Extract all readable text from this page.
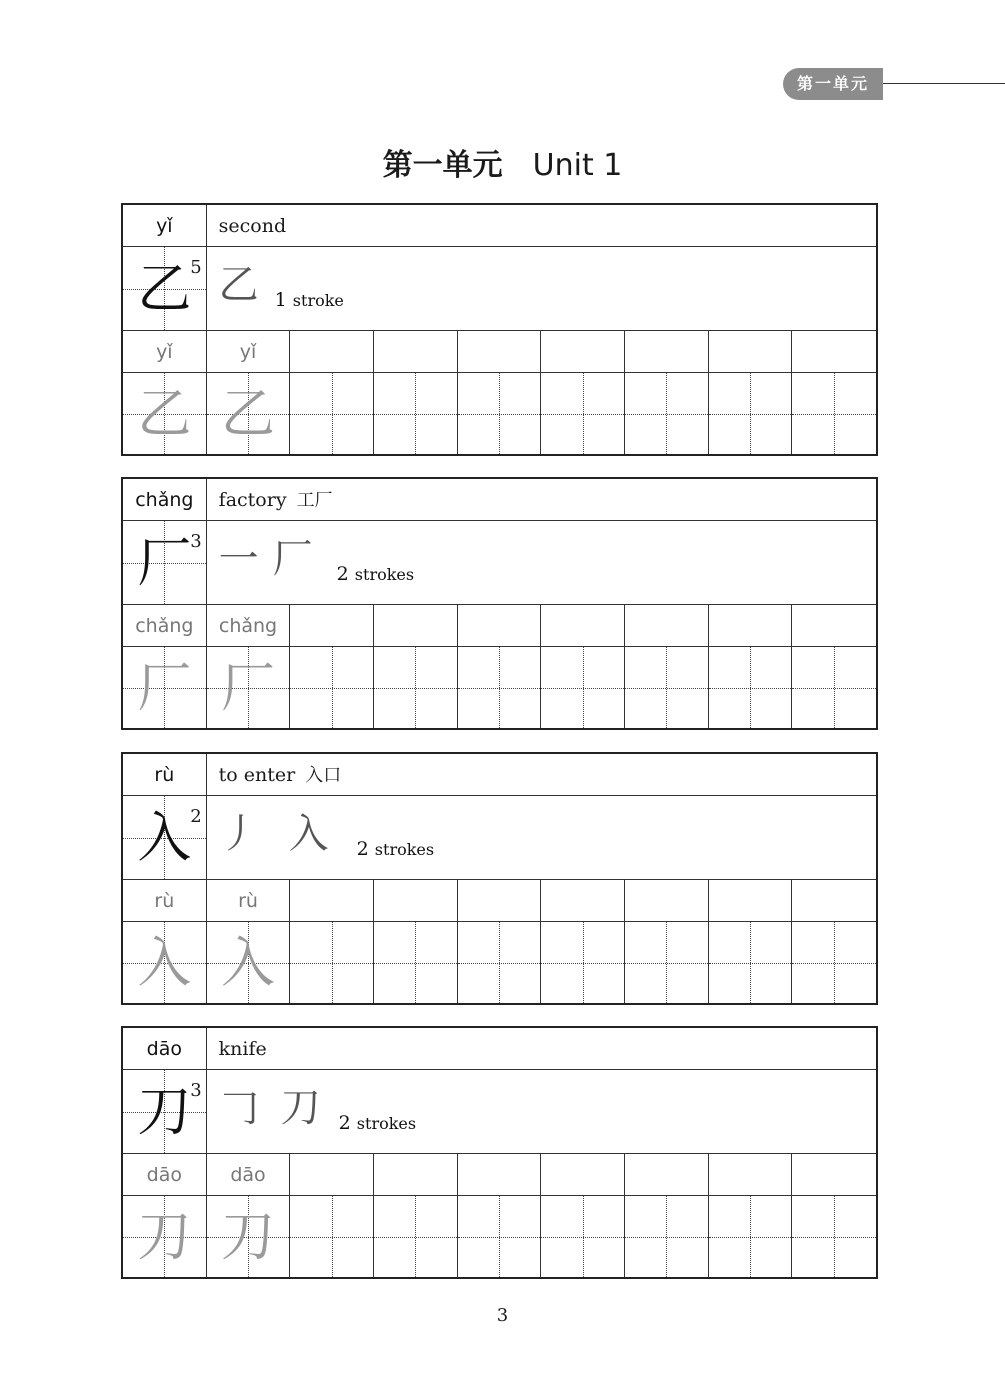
第一单元
第一单元 Unit 1
yǐ	second
乙
5 乙 1 stroke
yǐ	yǐ
乙 乙
chǎng	factory 工厂
厂
3 一 厂 2 strokes
chǎng	chǎng
厂 厂
rù	to enter 入口
入
2 丿 入 2 strokes
rù	rù
入 入
dāo	knife
刀
3 𠃌 刀 2 strokes
dāo	dāo
刀 刀
3
